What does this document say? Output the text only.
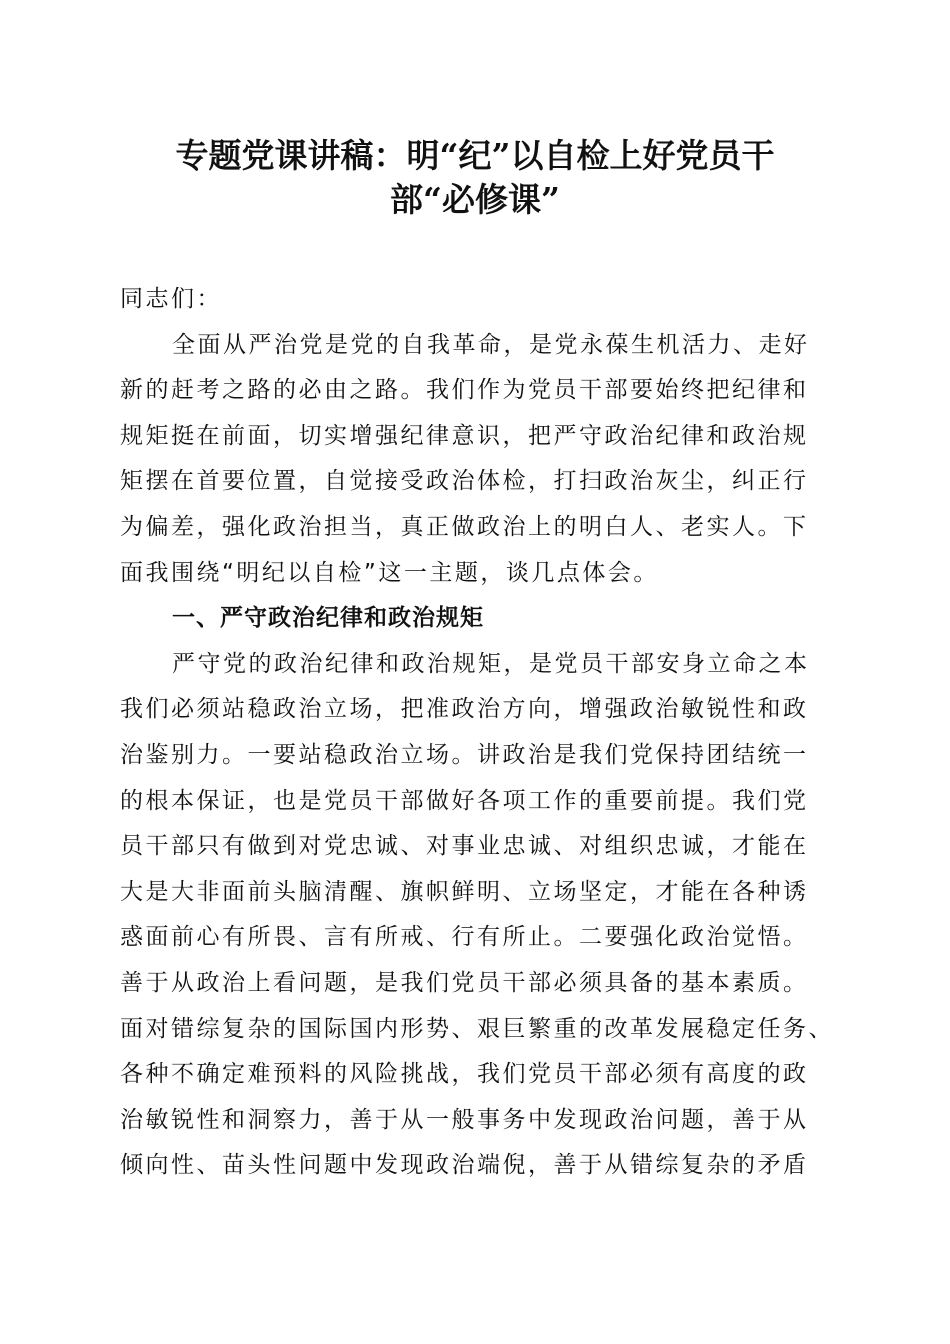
专题党课讲稿：明“纪”以自检上好党员干
部“必修课”
同志们：
全面从严治党是党的自我革命，是党永葆生机活力、走好
新的赶考之路的必由之路。我们作为党员干部要始终把纪律和
规矩挺在前面，切实增强纪律意识，把严守政治纪律和政治规
矩摆在首要位置，自觉接受政治体检，打扫政治灰尘，纠正行
为偏差，强化政治担当，真正做政治上的明白人、老实人。下
面我围绕“明纪以自检”这一主题，谈几点体会。
一、严守政治纪律和政治规矩
严守党的政治纪律和政治规矩，是党员干部安身立命之本
我们必须站稳政治立场，把准政治方向，增强政治敏锐性和政
治鉴别力。一要站稳政治立场。讲政治是我们党保持团结统一
的根本保证，也是党员干部做好各项工作的重要前提。我们党
员干部只有做到对党忠诚、对事业忠诚、对组织忠诚，才能在
大是大非面前头脑清醒、旗帜鲜明、立场坚定，才能在各种诱
惑面前心有所畏、言有所戒、行有所止。二要强化政治觉悟。
善于从政治上看问题，是我们党员干部必须具备的基本素质。
面对错综复杂的国际国内形势、艰巨繁重的改革发展稳定任务、
各种不确定难预料的风险挑战，我们党员干部必须有高度的政
治敏锐性和洞察力，善于从一般事务中发现政治问题，善于从
倾向性、苗头性问题中发现政治端倪，善于从错综复杂的矛盾
